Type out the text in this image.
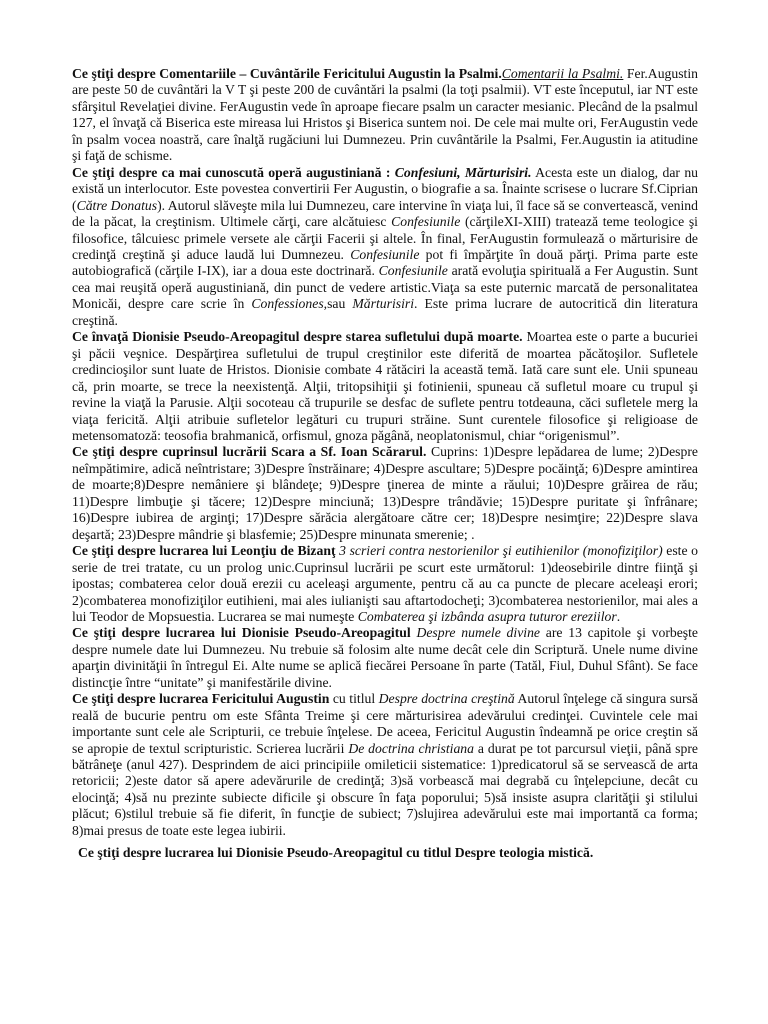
Ce ştiţi despre Comentariile – Cuvântările Fericitului Augustin la Psalmi.Comentarii la Psalmi. Fer.Augustin are peste 50 de cuvântări la V T şi peste 200 de cuvântări la psalmi (la toţi psalmii). VT este începutul, iar NT este sfârşitul Revelaţiei divine. FerAugustin vede în aproape fiecare psalm un caracter mesianic. Plecând de la psalmul 127, el învaţă că Biserica este mireasa lui Hristos şi Biserica suntem noi. De cele mai multe ori, FerAugustin vede în psalm vocea noastră, care înalţă rugăciuni lui Dumnezeu. Prin cuvântările la Psalmi, Fer.Augustin ia atitudine şi faţă de schisme.

Ce ştiţi despre ca mai cunoscută operă augustiniană : Confesiuni, Mărturisiri. Acesta este un dialog, dar nu există un interlocutor. Este povestea convertirii Fer Augustin, o biografie a sa. Înainte scrisese o lucrare Sf.Ciprian (Către Donatus). Autorul slăveşte mila lui Dumnezeu, care intervine în viaţa lui, îl face să se convertească, venind de la păcat, la creştinism. Ultimele cărţi, care alcătuiesc Confesiunile (cărţileXI-XIII) tratează teme teologice şi filosofice, tâlcuiesc primele versete ale cărţii Facerii şi altele. În final, FerAugustin formulează o mărturisire de credinţă creştină şi aduce laudă lui Dumnezeu. Confesiunile pot fi împărţite în două părţi. Prima parte este autobiografică (cărţile I-IX), iar a doua este doctrinară. Confesiunile arată evoluţia spirituală a Fer Augustin. Sunt cea mai reuşită operă augustiniană, din punct de vedere artistic.Viaţa sa este puternic marcată de personalitatea Monicăi, despre care scrie în Confessiones,sau Mărturisiri. Este prima lucrare de autocritică din literatura creştină.

Ce învaţă Dionisie Pseudo-Areopagitul despre starea sufletului după moarte. Moartea este o parte a bucuriei şi păcii veşnice. Despărţirea sufletului de trupul creştinilor este diferită de moartea păcătoşilor. Sufletele credincioşilor sunt luate de Hristos. Dionisie combate 4 rătăciri la această temă. Iată care sunt ele. Unii spuneau că, prin moarte, se trece la neexistenţă. Alţii, tritopsihiţii şi fotinienii, spuneau că sufletul moare cu trupul şi revine la viaţă la Parusie. Alţii socoteau că trupurile se desfac de suflete pentru totdeauna, căci sufletele merg la viaţa fericită. Alţii atribuie sufletelor legături cu trupuri străine. Sunt curentele filosofice şi religioase de metensomatoză: teosofia brahmanică, orfismul, gnoza păgână, neoplatonismul, chiar “origenismul”.

Ce ştiţi despre cuprinsul lucrării Scara a Sf. Ioan Scărarul. Cuprins: 1)Despre lepădarea de lume; 2)Despre neîmpătimire, adică neîntristare; 3)Despre înstrăinare; 4)Despre ascultare; 5)Despre pocăinţă; 6)Despre amintirea de moarte;8)Despre nemâniere şi blândeţe; 9)Despre ţinerea de minte a răului; 10)Despre grăirea de rău; 11)Despre limbuţie şi tăcere; 12)Despre minciună; 13)Despre trândăvie; 15)Despre puritate şi înfrânare; 16)Despre iubirea de arginţi; 17)Despre sărăcia alergătoare către cer; 18)Despre nesimţire; 22)Despre slava deşartă; 23)Despre mândrie şi blasfemie; 25)Despre minunata smerenie; .

Ce ştiţi despre lucrarea lui Leonţiu de Bizanţ 3 scrieri contra nestorienilor şi eutihienilor (monofiziţilor) este o serie de trei tratate, cu un prolog unic.Cuprinsul lucrării pe scurt este următorul: 1)deosebirile dintre fiinţă şi ipostas; combaterea celor două erezii cu aceleaşi argumente, pentru că au ca puncte de plecare aceleaşi erori; 2)combaterea monofiziţilor eutihieni, mai ales iulianişti sau aftartodocheţi; 3)combaterea nestorienilor, mai ales a lui Teodor de Mopsuestia. Lucrarea se mai numeşte Combaterea şi izbânda asupra tuturor ereziilor.

Ce ştiţi despre lucrarea lui Dionisie Pseudo-Areopagitul Despre numele divine are 13 capitole şi vorbeşte despre numele date lui Dumnezeu. Nu trebuie să folosim alte nume decât cele din Scriptură. Unele nume divine aparţin divinităţii în întregul Ei. Alte nume se aplică fiecărei Persoane în parte (Tatăl, Fiul, Duhul Sfânt). Se face distincţie între “unitate” şi manifestările divine.

Ce ştiţi despre lucrarea Fericitului Augustin cu titlul Despre doctrina creştină Autorul înţelege că singura sursă reală de bucurie pentru om este Sfânta Treime şi cere mărturisirea adevărului credinţei. Cuvintele cele mai importante sunt cele ale Scripturii, ce trebuie înţelese. De aceea, Fericitul Augustin îndeamnă pe orice creştin să se apropie de textul scripturistic. Scrierea lucrării De doctrina christiana a durat pe tot parcursul vieţii, până spre bătrâneţe (anul 427). Desprindem de aici principiile omileticii sistematice: 1)predicatorul să se servească de arta retoricii; 2)este dator să apere adevărurile de credinţă; 3)să vorbească mai degrabă cu înţelepciune, decât cu elocinţă; 4)să nu prezinte subiecte dificile şi obscure în faţa poporului; 5)să insiste asupra clarităţii şi stilului plăcut; 6)stilul trebuie să fie diferit, în funcţie de subiect; 7)slujirea adevărului este mai importantă ca forma; 8)mai presus de toate este legea iubirii.

Ce ştiţi despre lucrarea lui Dionisie Pseudo-Areopagitul cu titlul Despre teologia mistică.
